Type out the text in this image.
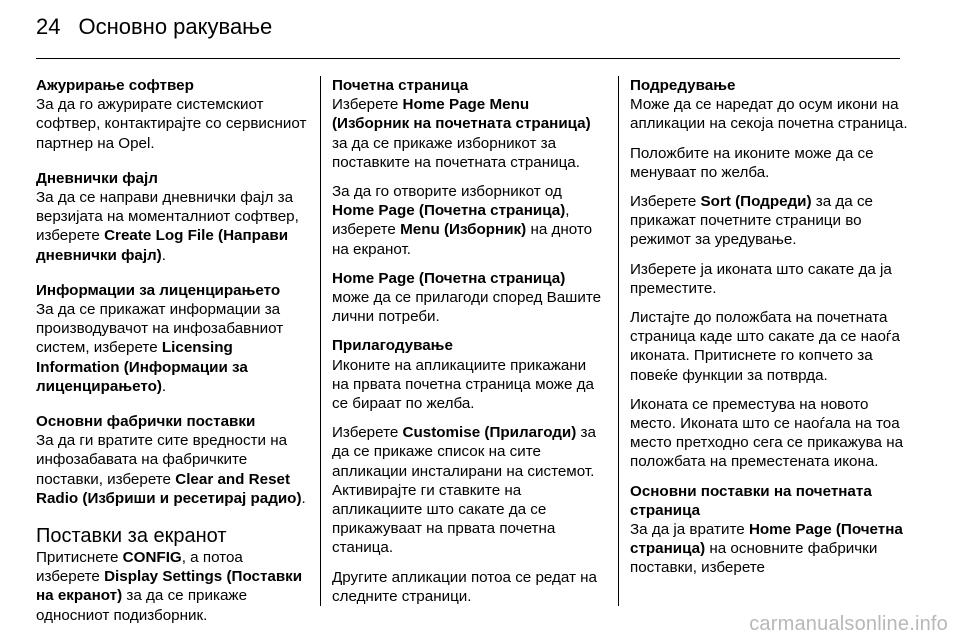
24 Основно ракување
Ажурирање софтвер
За да го ажурирате системскиот софтвер, контактирајте со сервисниот партнер на Opel.
Дневнички фајл
За да се направи дневнички фајл за верзијата на моменталниот софтвер, изберете Create Log File (Направи дневнички фајл).
Информации за лиценцирањето
За да се прикажат информации за производувачот на инфозабавниот систем, изберете Licensing Information (Информации за лиценцирањето).
Основни фабрички поставки
За да ги вратите сите вредности на инфозабавата на фабричките поставки, изберете Clear and Reset Radio (Избриши и ресетирај радио).
Поставки за екранот
Притиснете CONFIG, а потоа изберете Display Settings (Поставки на екранот) за да се прикаже односниот подизборник.
Почетна страница
Изберете Home Page Menu (Изборник на почетната страница) за да се прикаже изборникот за поставките на почетната страница.
За да го отворите изборникот од Home Page (Почетна страница), изберете Menu (Изборник) на дното на екранот.
Home Page (Почетна страница)
може да се прилагоди според Вашите лични потреби.
Прилагодување
Иконите на апликациите прикажани на првата почетна страница може да се бираат по желба.
Изберете Customise (Прилагоди) за да се прикаже список на сите апликации инсталирани на системот. Активирајте ги ставките на апликациите што сакате да се прикажуваат на првата почетна станица.
Другите апликации потоа се редат на следните страници.
Подредување
Може да се наредат до осум икони на апликации на секоја почетна страница.
Положбите на иконите може да се менуваат по желба.
Изберете Sort (Подреди) за да се прикажат почетните страници во режимот за уредување.
Изберете ја иконата што сакате да ја преместите.
Листајте до положбата на почетната страница каде што сакате да се наоѓа иконата. Притиснете го копчето за повеќе функции за потврда.
Иконата се преместува на новото место. Иконата што се наоѓала на тоа место претходно сега се прикажува на положбата на преместената икона.
Основни поставки на почетната страница
За да ја вратите Home Page (Почетна страница) на основните фабрички поставки, изберете
carmanualsonline.info
